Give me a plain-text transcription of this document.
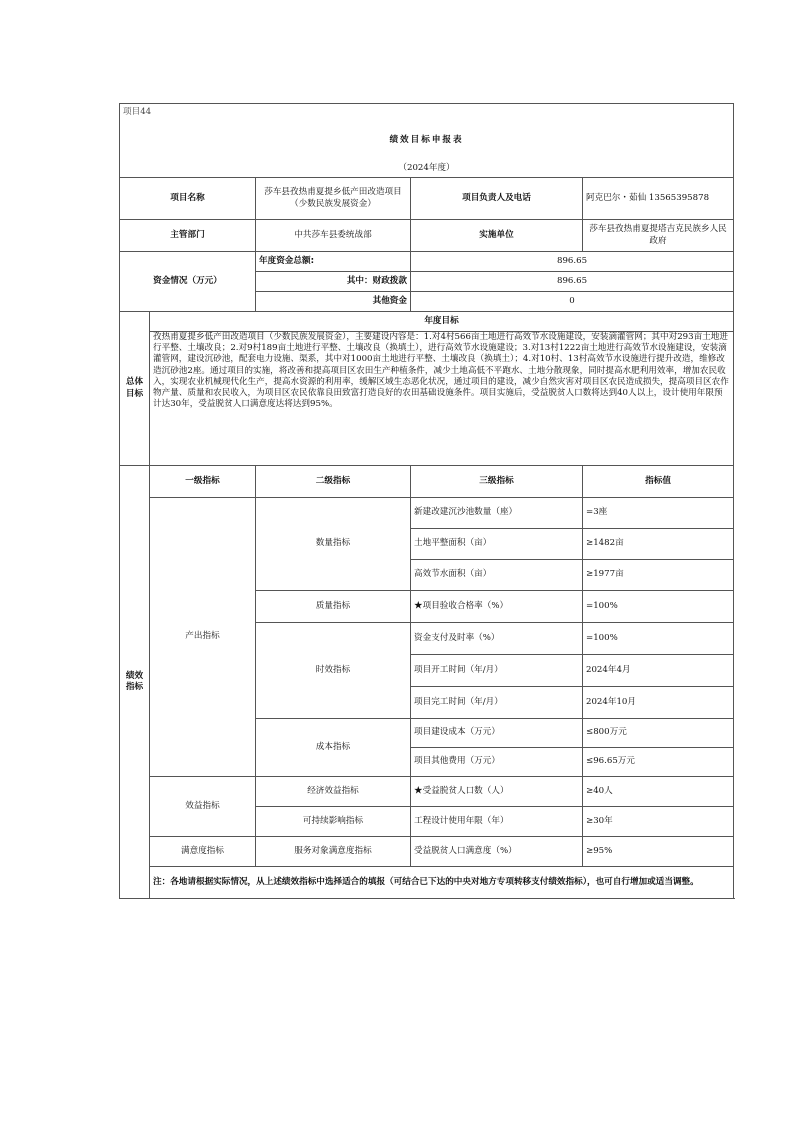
项目44				
绩效目标申报表				
（2024年度）				
项目名称		莎车县孜热甫夏提乡低产田改造项目（少数民族发展资金）	项目负责人及电话	阿克巴尔・茹仙 13565395878
主管部门		中共莎车县委统战部	实施单位	莎车县孜热甫夏提塔吉克民族乡人民政府
资金情况（万元）		年度资金总额:	896.65	
		其中：财政拨款	896.65	
		其他资金	0	
总体
目标	年度目标			
	孜热甫夏提乡低产田改造项目（少数民族发展资金），主要建设内容是：1.对4村566亩土地进行高效节水设施建设，安装滴灌管网；其中对293亩土地进行平整、土壤改良；2.对9村189亩土地进行平整、土壤改良（换填土），进行高效节水设施建设；3.对13村1222亩土地进行高效节水设施建设，安装滴灌管网，建设沉砂池，配套电力设施、渠系，其中对1000亩土地进行平整、土壤改良（换填土）；4.对10村、13村高效节水设施进行提升改造，维修改造沉砂池2座。通过项目的实施，将改善和提高项目区农田生产种植条件，减少土地高低不平跑水、土地分散现象，同时提高水肥利用效率，增加农民收入，实现农业机械现代化生产，提高水资源的利用率，缓解区域生态恶化状况，通过项目的建设，减少自然灾害对项目区农民造成损失，提高项目区农作物产量、质量和农民收入，为项目区农民依靠良田致富打造良好的农田基础设施条件。项目实施后，受益脱贫人口数将达到40人以上，设计使用年限预计达30年，受益脱贫人口满意度达将达到95%。			
绩效
指标	一级指标	二级指标	三级指标	指标值
	产出指标	数量指标	新建改建沉沙池数量（座）	=3座
			土地平整面积（亩）	≥1482亩
			高效节水面积（亩）	≥1977亩
		质量指标	★项目验收合格率（%）	=100%
		时效指标	资金支付及时率（%）	=100%
			项目开工时间（年/月）	2024年4月
			项目完工时间（年/月）	2024年10月
		成本指标	项目建设成本（万元）	≤800万元
			项目其他费用（万元）	≤96.65万元
	效益指标	经济效益指标	★受益脱贫人口数（人）	≥40人
		可持续影响指标	工程设计使用年限（年）	≥30年
	满意度指标	服务对象满意度指标	受益脱贫人口满意度（%）	≥95%
	注：各地请根据实际情况，从上述绩效指标中选择适合的填报（可结合已下达的中央对地方专项转移支付绩效指标），也可自行增加或适当调整。			
